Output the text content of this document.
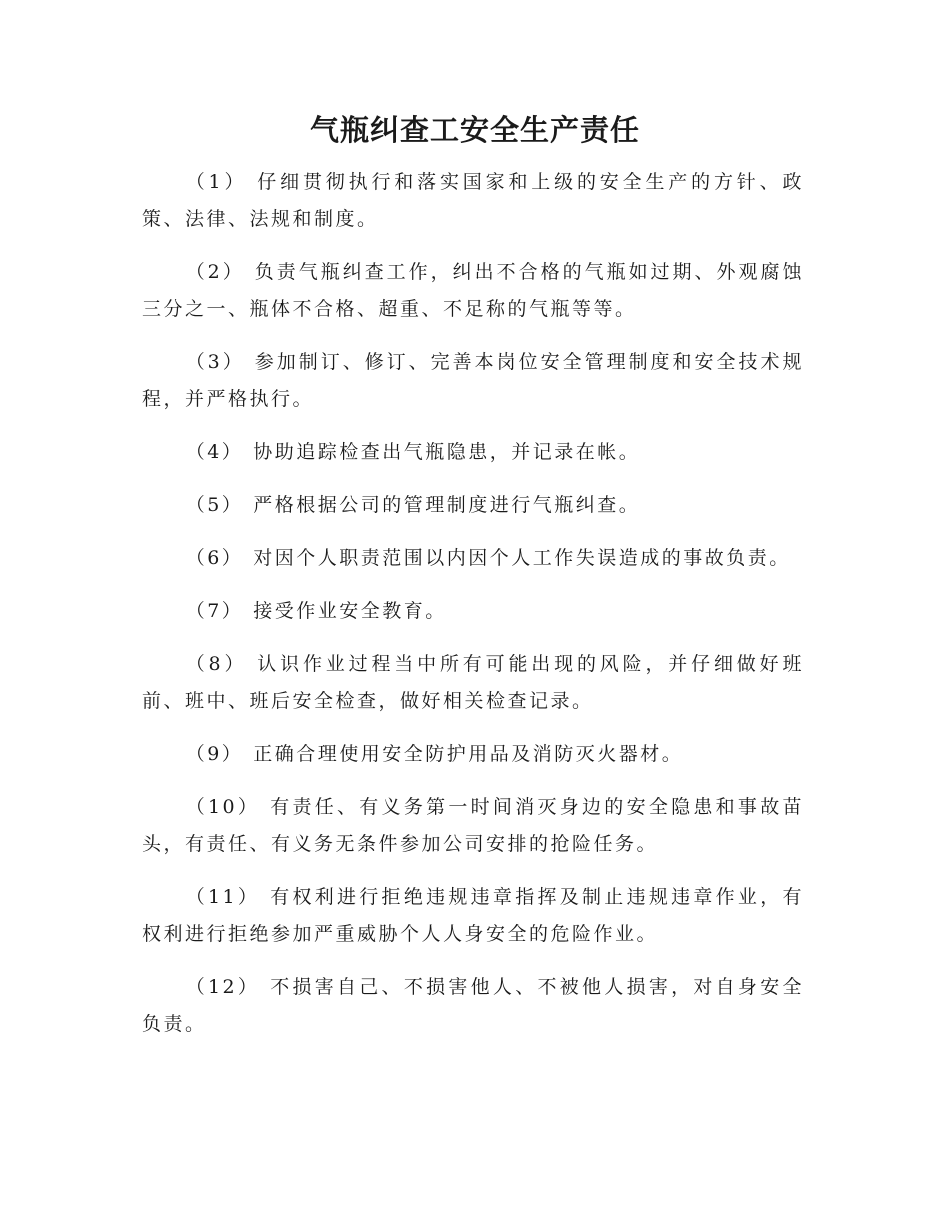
气瓶纠查工安全生产责任

（1） 仔细贯彻执行和落实国家和上级的安全生产的方针、政策、法律、法规和制度。

（2） 负责气瓶纠查工作，纠出不合格的气瓶如过期、外观腐蚀三分之一、瓶体不合格、超重、不足称的气瓶等等。

（3） 参加制订、修订、完善本岗位安全管理制度和安全技术规程，并严格执行。

（4） 协助追踪检查出气瓶隐患，并记录在帐。

（5） 严格根据公司的管理制度进行气瓶纠查。

（6） 对因个人职责范围以内因个人工作失误造成的事故负责。

（7） 接受作业安全教育。

（8） 认识作业过程当中所有可能出现的风险，并仔细做好班前、班中、班后安全检查，做好相关检查记录。

（9） 正确合理使用安全防护用品及消防灭火器材。

（10） 有责任、有义务第一时间消灭身边的安全隐患和事故苗头，有责任、有义务无条件参加公司安排的抢险任务。

（11） 有权利进行拒绝违规违章指挥及制止违规违章作业，有权利进行拒绝参加严重威胁个人人身安全的危险作业。

（12） 不损害自己、不损害他人、不被他人损害，对自身安全负责。
